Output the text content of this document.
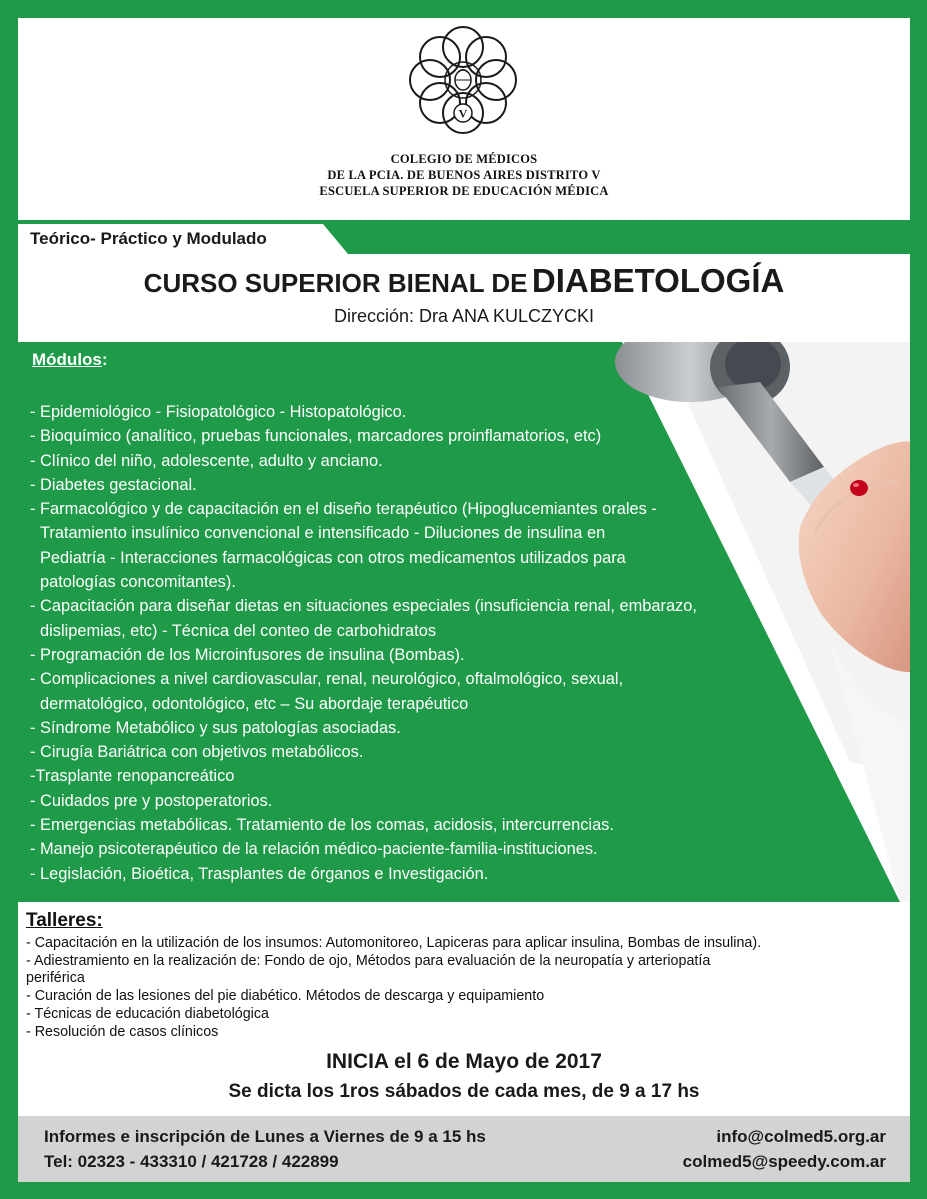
COLEGIO DE MÉDICOS
DE LA PCIA. DE BUENOS AIRES DISTRITO V
ESCUELA SUPERIOR DE EDUCACIÓN MÉDICA
V
Teórico- Práctico y Modulado
CURSO SUPERIOR BIENAL DE DIABETOLOGÍA
Dirección: Dra ANA KULCZYCKI
Módulos:
- Epidemiológico - Fisiopatológico - Histopatológico.
- Bioquímico (analítico, pruebas funcionales, marcadores proinflamatorios, etc)
- Clínico del niño, adolescente, adulto y anciano.
- Diabetes gestacional.
- Farmacológico y de capacitación en el diseño terapéutico (Hipoglucemiantes orales -
Tratamiento insulínico convencional e intensificado - Diluciones de insulina en
Pediatría - Interacciones farmacológicas con otros medicamentos utilizados para
patologías concomitantes).
- Capacitación para diseñar dietas en situaciones especiales (insuficiencia renal, embarazo,
dislipemias, etc) - Técnica del conteo de carbohidratos
- Programación de los Microinfusores de insulina (Bombas).
- Complicaciones a nivel cardiovascular, renal, neurológico, oftalmológico, sexual,
dermatológico, odontológico, etc – Su abordaje terapéutico
- Síndrome Metabólico y sus patologías asociadas.
- Cirugía Bariátrica con objetivos metabólicos.
-Trasplante renopancreático
- Cuidados pre y postoperatorios.
- Emergencias metabólicas. Tratamiento de los comas, acidosis, intercurrencias.
- Manejo psicoterapéutico de la relación médico-paciente-familia-instituciones.
- Legislación, Bioética, Trasplantes de órganos e Investigación.
Talleres:
- Capacitación en la utilización de los insumos: Automonitoreo, Lapiceras para aplicar insulina, Bombas de insulina).
- Adiestramiento en la realización de: Fondo de ojo, Métodos para evaluación de la neuropatía y arteriopatía
periférica
- Curación de las lesiones del pie diabético. Métodos de descarga y equipamiento
- Técnicas de educación diabetológica
- Resolución de casos clínicos
INICIA el 6 de Mayo de 2017
Se dicta los 1ros sábados de cada mes, de 9 a 17 hs
Informes e inscripción de Lunes a Viernes de 9 a 15 hs
Tel: 02323 - 433310 / 421728 / 422899
info@colmed5.org.ar
colmed5@speedy.com.ar
